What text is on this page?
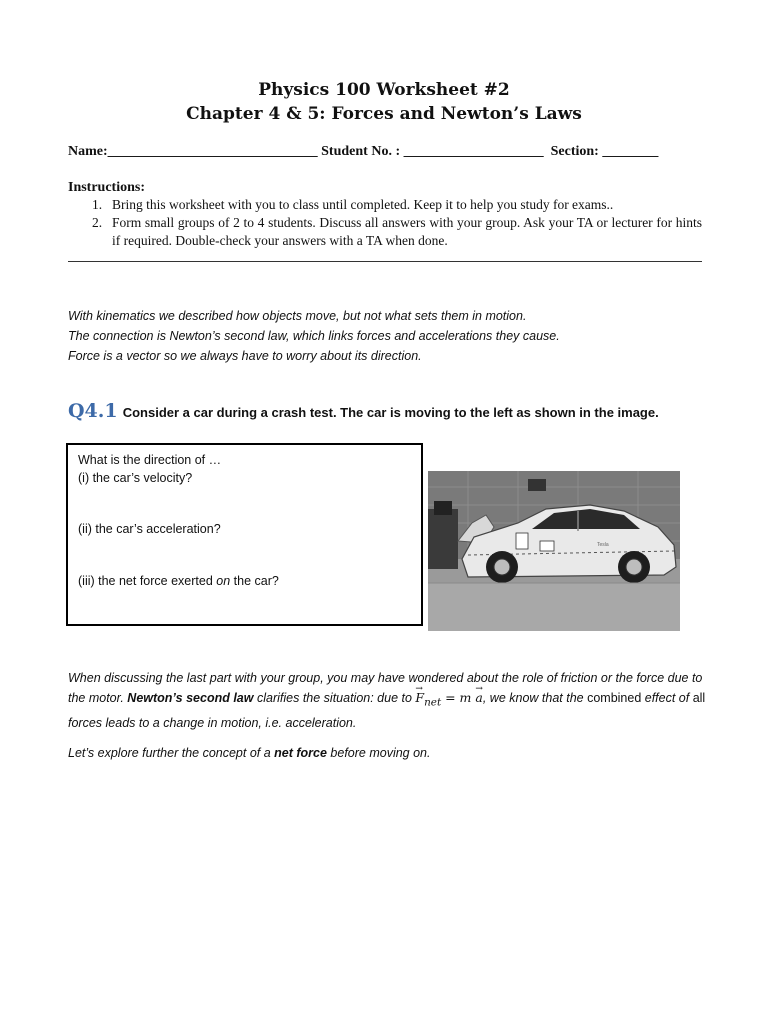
Physics 100 Worksheet #2
Chapter 4 & 5: Forces and Newton’s Laws
Name:______________________________ Student No. : ____________________  Section: ________
Instructions:
1. Bring this worksheet with you to class until completed. Keep it to help you study for exams..
2. Form small groups of 2 to 4 students. Discuss all answers with your group. Ask your TA or lecturer for hints if required. Double-check your answers with a TA when done.
With kinematics we described how objects move, but not what sets them in motion.
The connection is Newton’s second law, which links forces and accelerations they cause.
Force is a vector so we always have to worry about its direction.
Q4.1 Consider a car during a crash test. The car is moving to the left as shown in the image.
What is the direction of …
(i) the car’s velocity?
(ii) the car’s acceleration?
(iii) the net force exerted on the car?
Tesla
When discussing the last part with your group, you may have wondered about the role of friction or the force due to the motor. Newton’s second law clarifies the situation: due to → $F_{net} = m \to a$, we know that the combined effect of all forces leads to a change in motion, i.e. acceleration.
Let’s explore further the concept of a net force before moving on.
